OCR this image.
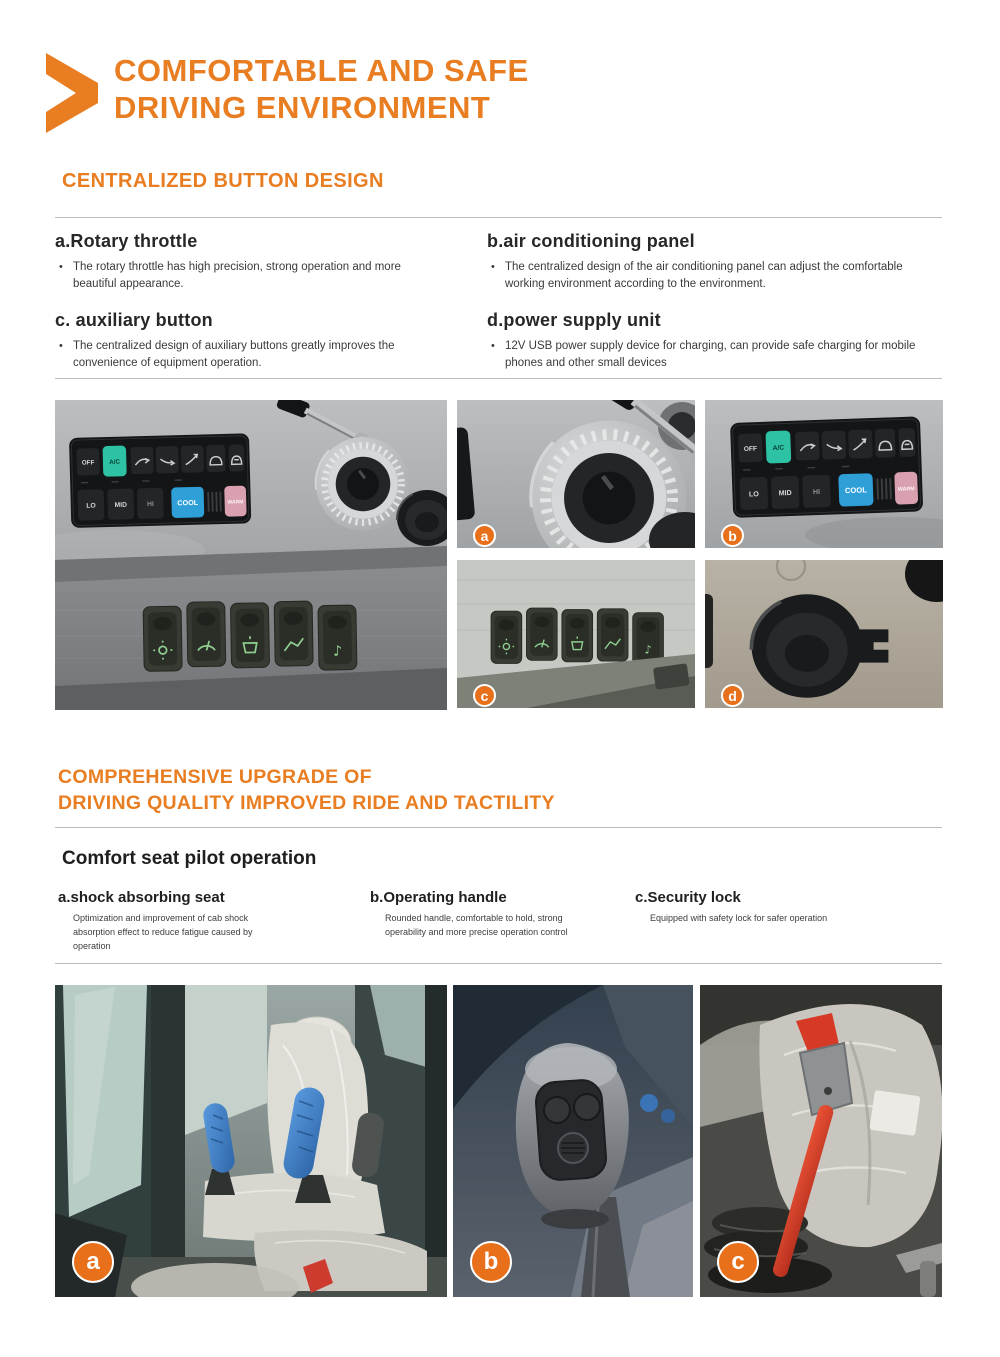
COMFORTABLE AND SAFE
DRIVING ENVIRONMENT
CENTRALIZED BUTTON DESIGN
a.Rotary throttle
• The rotary throttle has high precision, strong operation and more beautiful appearance.
b.air conditioning panel
• The centralized design of the air conditioning panel can adjust the comfortable working environment according to the environment.
c. auxiliary button
• The centralized design of auxiliary buttons greatly improves the convenience of equipment operation.
d.power supply unit
• 12V USB power supply device for charging, can provide safe charging for mobile phones and other small devices
a	b
c	d
COMPREHENSIVE UPGRADE OF
DRIVING QUALITY IMPROVED RIDE AND TACTILITY
Comfort seat pilot operation
a.shock absorbing seat

Optimization and improvement of cab shock absorption effect to reduce fatigue caused by operation

b.Operating handle

Rounded handle, comfortable to hold, strong operability and more precise operation control

c.Security lock

Equipped with safety lock for safer operation

a	b	c
